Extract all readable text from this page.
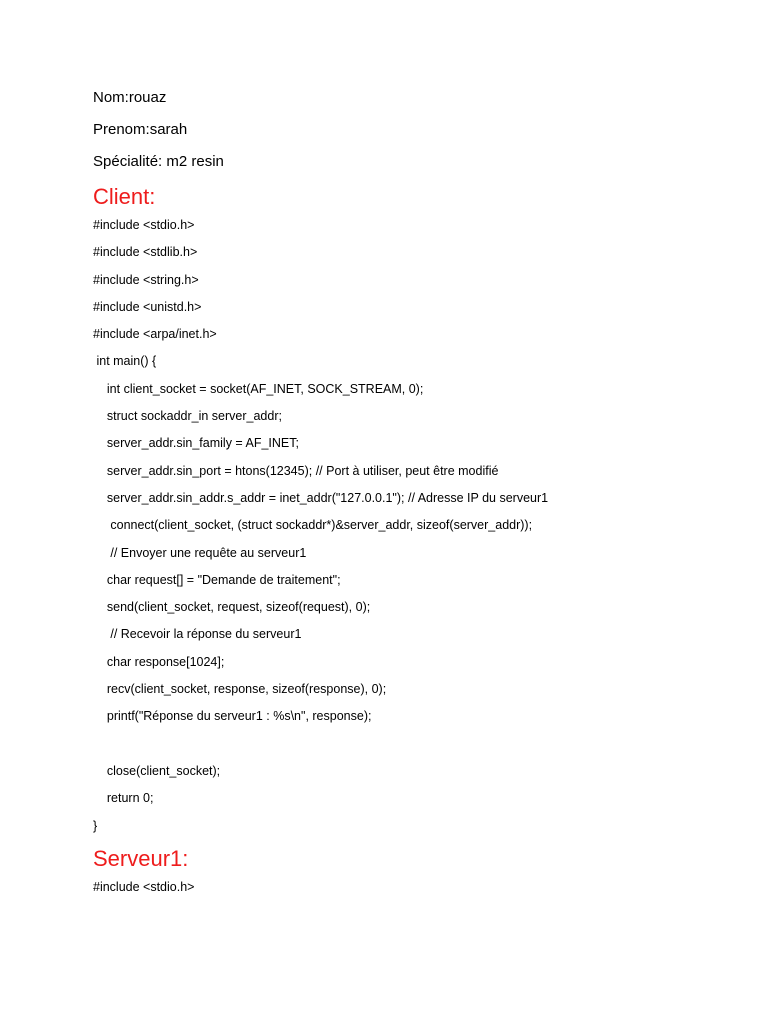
Nom:rouaz
Prenom:sarah
Spécialité: m2 resin
Client:
#include <stdio.h>
#include <stdlib.h>
#include <string.h>
#include <unistd.h>
#include <arpa/inet.h>
int main() {
int client_socket = socket(AF_INET, SOCK_STREAM, 0);
struct sockaddr_in server_addr;
server_addr.sin_family = AF_INET;
server_addr.sin_port = htons(12345); // Port à utiliser, peut être modifié
server_addr.sin_addr.s_addr = inet_addr("127.0.0.1"); // Adresse IP du serveur1
connect(client_socket, (struct sockaddr*)&server_addr, sizeof(server_addr));
// Envoyer une requête au serveur1
char request[] = "Demande de traitement";
send(client_socket, request, sizeof(request), 0);
// Recevoir la réponse du serveur1
char response[1024];
recv(client_socket, response, sizeof(response), 0);
printf("Réponse du serveur1 : %s\n", response);
close(client_socket);
return 0;
}
Serveur1:
#include <stdio.h>
